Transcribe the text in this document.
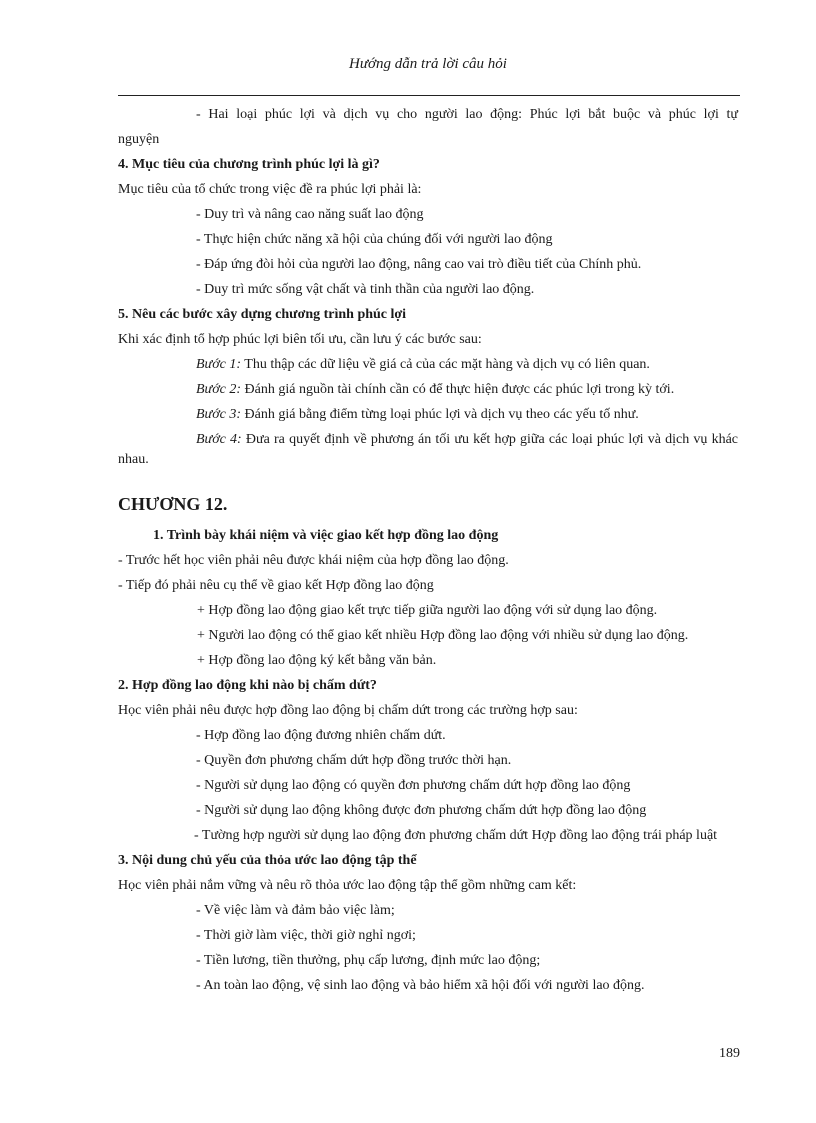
Hướng dẫn trả lời câu hỏi

- Hai loại phúc lợi và dịch vụ cho người lao động: Phúc lợi bắt buộc và phúc lợi tự

nguyện

4. Mục tiêu của chương trình phúc lợi là gì?

Mục tiêu của tổ chức trong việc đề ra phúc lợi phải là:

- Duy trì và nâng cao năng suất lao động

- Thực hiện chức năng xã hội của chúng đối với người lao động

- Đáp ứng đòi hỏi của người lao động, nâng cao vai trò điều tiết của Chính phủ.

- Duy trì mức sống vật chất và tinh thần của người lao động.

5. Nêu các bước xây dựng chương trình phúc lợi

Khi xác định tổ hợp phúc lợi biên tối ưu, cần lưu ý các bước sau:

Bước 1: Thu thập các dữ liệu về giá cả của các mặt hàng và dịch vụ có liên quan.

Bước 2: Đánh giá nguồn tài chính cần có để thực hiện được các phúc lợi trong kỳ tới.

Bước 3: Đánh giá bằng điểm từng loại phúc lợi và dịch vụ theo các yếu tố như.

Bước 4: Đưa ra quyết định về phương án tối ưu kết hợp giữa các loại phúc lợi và dịch vụ khác nhau.

CHƯƠNG 12.

1. Trình bày khái niệm và việc giao kết hợp đồng lao động

- Trước hết học viên phải nêu được khái niệm của hợp đồng lao động.

- Tiếp đó phải nêu cụ thể về giao kết Hợp đồng lao động

+ Hợp đồng lao động giao kết trực tiếp giữa người lao động với sử dụng lao động.

+ Người lao động có thể giao kết nhiều Hợp đồng lao động với nhiều sử dụng lao động.

+ Hợp đồng lao động ký kết bằng văn bản.

2. Hợp đồng lao động khi nào bị chấm dứt?

Học viên phải nêu được hợp đồng lao động bị chấm dứt trong các trường hợp sau:

- Hợp đồng lao động đương nhiên chấm dứt.

- Quyền đơn phương chấm dứt hợp đồng trước thời hạn.

- Người sử dụng lao động có quyền đơn phương chấm dứt hợp đồng lao động

- Người sử dụng lao động không được đơn phương chấm dứt hợp đồng lao động

- Tường hợp người sử dụng lao động đơn phương chấm dứt Hợp đồng lao động trái pháp luật

3. Nội dung chủ yếu của thỏa ước lao động tập thể

Học viên phải nắm vững và nêu rõ thỏa ước lao động tập thể gồm những cam kết:

- Về việc làm và đảm bảo việc làm;

- Thời giờ làm việc, thời giờ nghỉ ngơi;

- Tiền lương, tiền thưởng, phụ cấp lương, định mức lao động;

- An toàn lao động, vệ sinh lao động và bảo hiểm xã hội đối với người lao động.

189
